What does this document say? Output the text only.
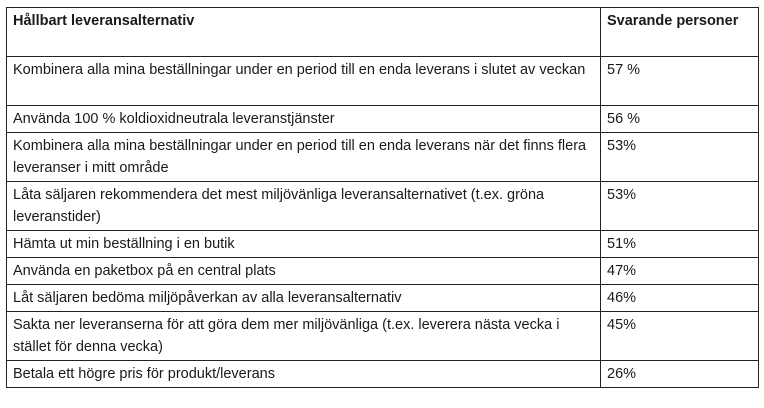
Hållbart leveransalternativ	Svarande personer
Kombinera alla mina beställningar under en period till en enda leverans i slutet av veckan	57 %
Använda 100 % koldioxidneutrala leveranstjänster	56 %
Kombinera alla mina beställningar under en period till en enda leverans när det finns flera leveranser i mitt område	53%
Låta säljaren rekommendera det mest miljövänliga leveransalternativet (t.ex. gröna leveranstider)	53%
Hämta ut min beställning i en butik	51%
Använda en paketbox på en central plats	47%
Låt säljaren bedöma miljöpåverkan av alla leveransalternativ	46%
Sakta ner leveranserna för att göra dem mer miljövänliga (t.ex. leverera nästa vecka i stället för denna vecka)	45%
Betala ett högre pris för produkt/leverans	26%
